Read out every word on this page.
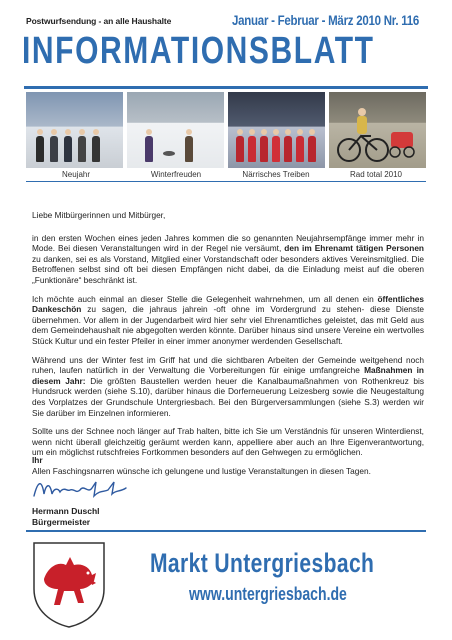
Postwurfsendung - an alle Haushalte	Januar - Februar - März 2010 Nr. 116
INFORMATIONSBLATT
Neujahr	Winterfreuden	Närrisches Treiben	Rad total 2010

Liebe Mitbürgerinnen und Mitbürger,

in den ersten Wochen eines jeden Jahres kommen die so genannten Neujahrsempfänge immer mehr in Mode. Bei diesen Veranstaltungen wird in der Regel nie versäumt, den im Ehrenamt tätigen Personen zu danken, sei es als Vorstand, Mitglied einer Vorstandschaft oder besonders aktives Vereinsmitglied. Die Betroffenen selbst sind oft bei diesen Empfängen nicht dabei, da die Einladung meist auf die oberen „Funktionäre“ beschränkt ist.

Ich möchte auch einmal an dieser Stelle die Gelegenheit wahrnehmen, um all denen ein öffentliches Dankeschön zu sagen, die jahraus jahrein -oft ohne im Vordergrund zu stehen- diese Dienste übernehmen. Vor allem in der Jugendarbeit wird hier sehr viel Ehrenamtliches geleistet, das mit Geld aus dem Gemeindehaushalt nie abgegolten werden könnte. Darüber hinaus sind unsere Vereine ein wertvolles Stück Kultur und ein fester Pfeiler in einer immer anonymer werdenden Gesellschaft.

Während uns der Winter fest im Griff hat und die sichtbaren Arbeiten der Gemeinde weitgehend noch ruhen, laufen natürlich in der Verwaltung die Vorbereitungen für einige umfangreiche Maßnahmen in diesem Jahr: Die größten Baustellen werden heuer die Kanalbaumaßnahmen von Rothenkreuz bis Hundsruck werden (siehe S.10), darüber hinaus die Dorferneuerung Leizesberg sowie die Neugestaltung des Vorplatzes der Grundschule Untergriesbach. Bei den Bürgerversammlungen (siehe S.3) werden wir Sie darüber im Einzelnen informieren.

Sollte uns der Schnee noch länger auf Trab halten, bitte ich Sie um Verständnis für unseren Winterdienst, wenn nicht überall gleichzeitig geräumt werden kann, appelliere aber auch an Ihre Eigenverantwortung, um ein möglichst rutschfreies Fortkommen besonders auf den Gehwegen zu ermöglichen.

Allen Faschingsnarren wünsche ich gelungene und lustige Veranstaltungen in diesen Tagen.

Ihr
Hermann Duschl
Bürgermeister
Markt Untergriesbach
www.untergriesbach.de
